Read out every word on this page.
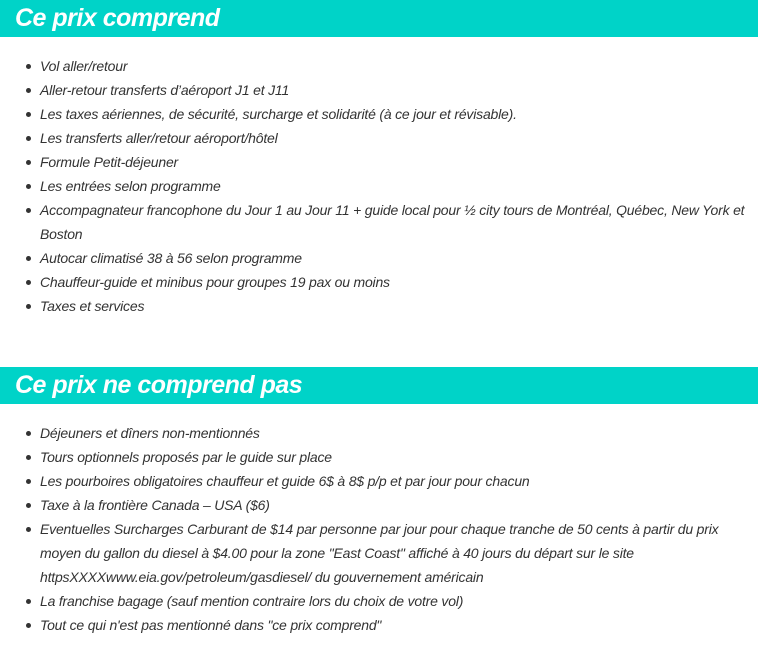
Ce prix comprend
Vol aller/retour
Aller-retour transferts d’aéroport J1 et J11
Les taxes aériennes, de sécurité, surcharge et solidarité (à ce jour et révisable).
Les transferts aller/retour aéroport/hôtel
Formule Petit-déjeuner
Les entrées selon programme
Accompagnateur francophone du Jour 1 au Jour 11 + guide local pour ½ city tours de Montréal, Québec, New York et Boston
Autocar climatisé 38 à 56 selon programme
Chauffeur-guide et minibus pour groupes 19 pax ou moins
Taxes et services
Ce prix ne comprend pas
Déjeuners et dîners non-mentionnés
Tours optionnels proposés par le guide sur place
Les pourboires obligatoires chauffeur et guide 6$ à 8$ p/p et par jour pour chacun
Taxe à la frontière Canada – USA ($6)
Eventuelles Surcharges Carburant de $14 par personne par jour pour chaque tranche de 50 cents à partir du prix moyen du gallon du diesel à $4.00 pour la zone "East Coast" affiché à 40 jours du départ sur le site httpsXXXXwww.eia.gov/petroleum/gasdiesel/ du gouvernement américain
La franchise bagage (sauf mention contraire lors du choix de votre vol)
Tout ce qui n'est pas mentionné dans "ce prix comprend"
